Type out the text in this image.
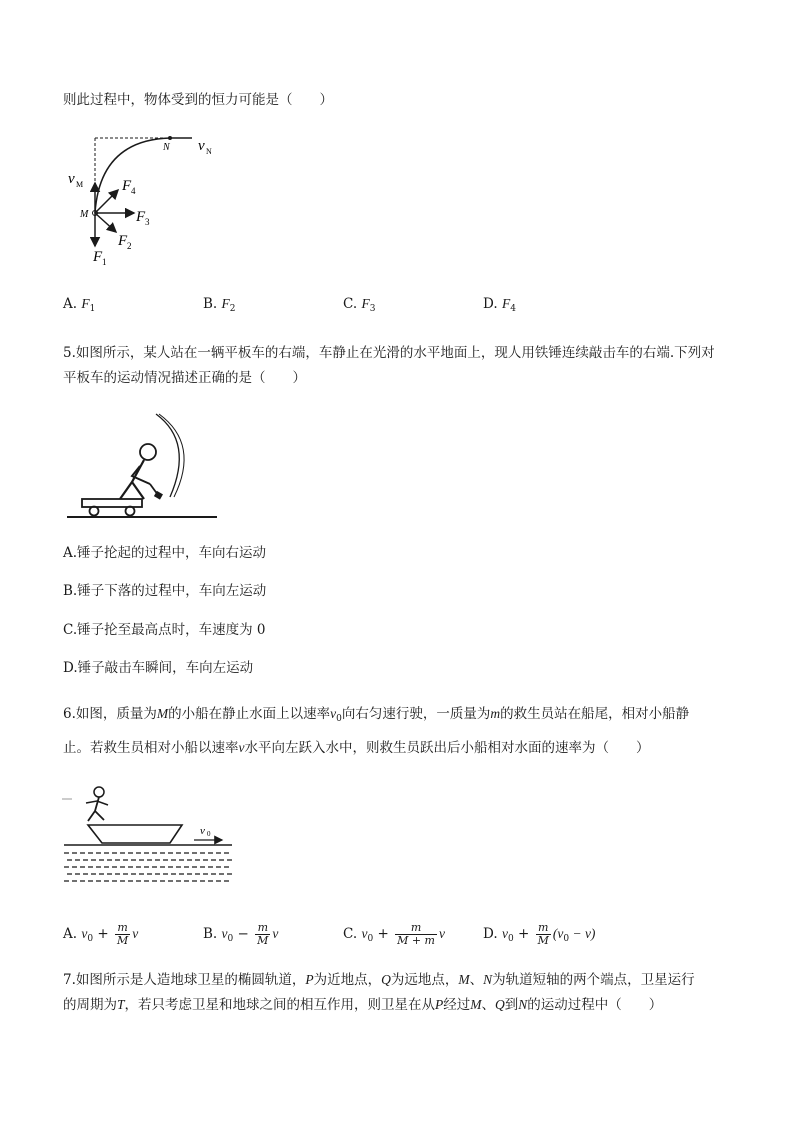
则此过程中，物体受到的恒力可能是（　　）
N v N
v M	F 4
M	F 3
F 2
F 1
A. $F_1$	B. $F_2$	C. $F_3$	D. $F_4$
5.如图所示，某人站在一辆平板车的右端，车静止在光滑的水平地面上，现人用铁锤连续敲击车的右端.下列对
平板车的运动情况描述正确的是（　　）
A.锤子抡起的过程中，车向右运动
B.锤子下落的过程中，车向左运动
C.锤子抡至最高点时，车速度为 0
D.锤子敲击车瞬间，车向左运动
6.如图，质量为M的小船在静止水面上以速率$v_0$向右匀速行驶，一质量为m的救生员站在船尾，相对小船静
止。若救生员相对小船以速率v水平向左跃入水中，则救生员跃出后小船相对水面的速率为（　　）
v 0
A. $v_0 + \frac{m}{M}$ v	B. $v_0 - \frac{m}{M}$ v	C. $v_0 + \frac{m}{M + m}$ v	D. $v_0 + \frac{m}{M} (v_0 - v)$
7.如图所示是人造地球卫星的椭圆轨道，P为近地点，Q为远地点，M、N为轨道短轴的两个端点，卫星运行
的周期为T，若只考虑卫星和地球之间的相互作用，则卫星在从P经过M、Q到N的运动过程中（　　）
